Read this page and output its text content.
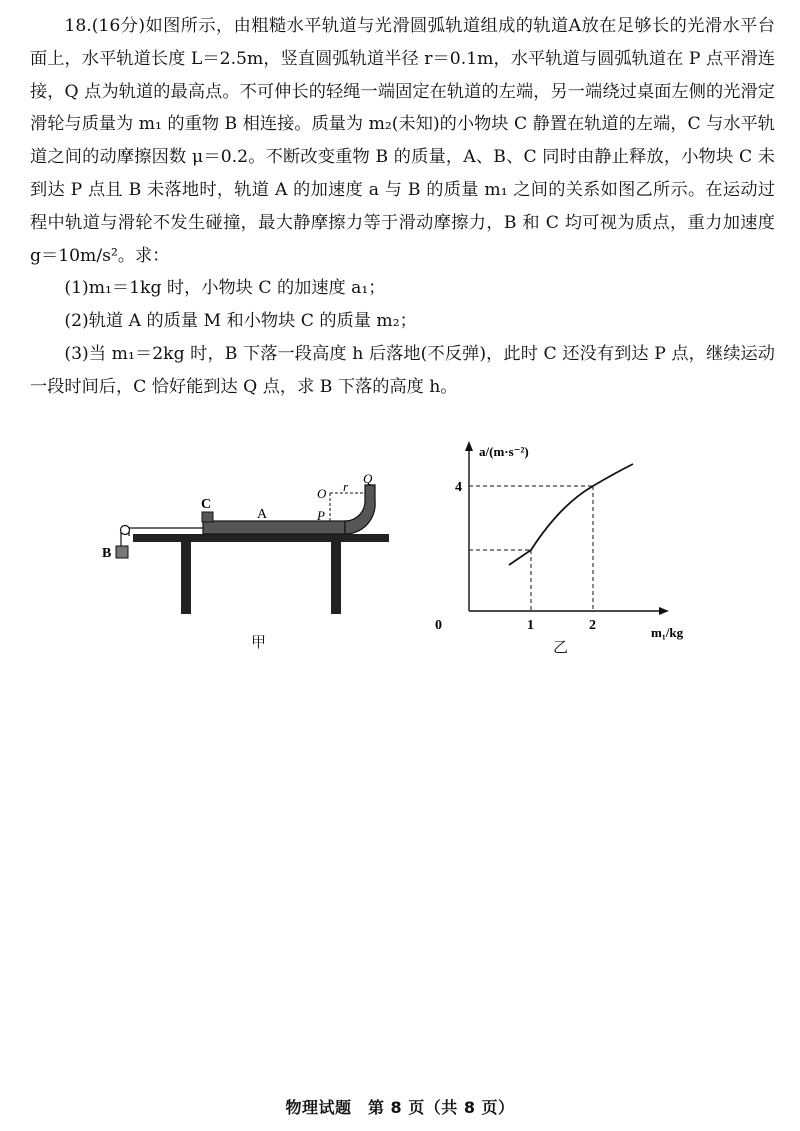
18.(16分)如图所示，由粗糙水平轨道与光滑圆弧轨道组成的轨道A放在足够长的光滑水平台面上，水平轨道长度 L＝2.5m，竖直圆弧轨道半径 r＝0.1m，水平轨道与圆弧轨道在 P 点平滑连接，Q 点为轨道的最高点。不可伸长的轻绳一端固定在轨道的左端，另一端绕过桌面左侧的光滑定滑轮与质量为 m₁ 的重物 B 相连接。质量为 m₂(未知)的小物块 C 静置在轨道的左端，C 与水平轨道之间的动摩擦因数 μ＝0.2。不断改变重物 B 的质量，A、B、C 同时由静止释放，小物块 C 未到达 P 点且 B 未落地时，轨道 A 的加速度 a 与 B 的质量 m₁ 之间的关系如图乙所示。在运动过程中轨道与滑轮不发生碰撞，最大静摩擦力等于滑动摩擦力，B 和 C 均可视为质点，重力加速度 g＝10m/s²。求：

(1)m₁＝1kg 时，小物块 C 的加速度 a₁；

(2)轨道 A 的质量 M 和小物块 C 的质量 m₂；

(3)当 m₁＝2kg 时，B 下落一段高度 h 后落地(不反弹)，此时 C 还没有到达 P 点，继续运动一段时间后，C 恰好能到达 Q 点，求 B 下落的高度 h。

B
C
A
O
P
r
Q
甲
a/(m·s⁻²)
4
0	1	2	m₁/kg
乙
物理试题　第 8 页（共 8 页）
